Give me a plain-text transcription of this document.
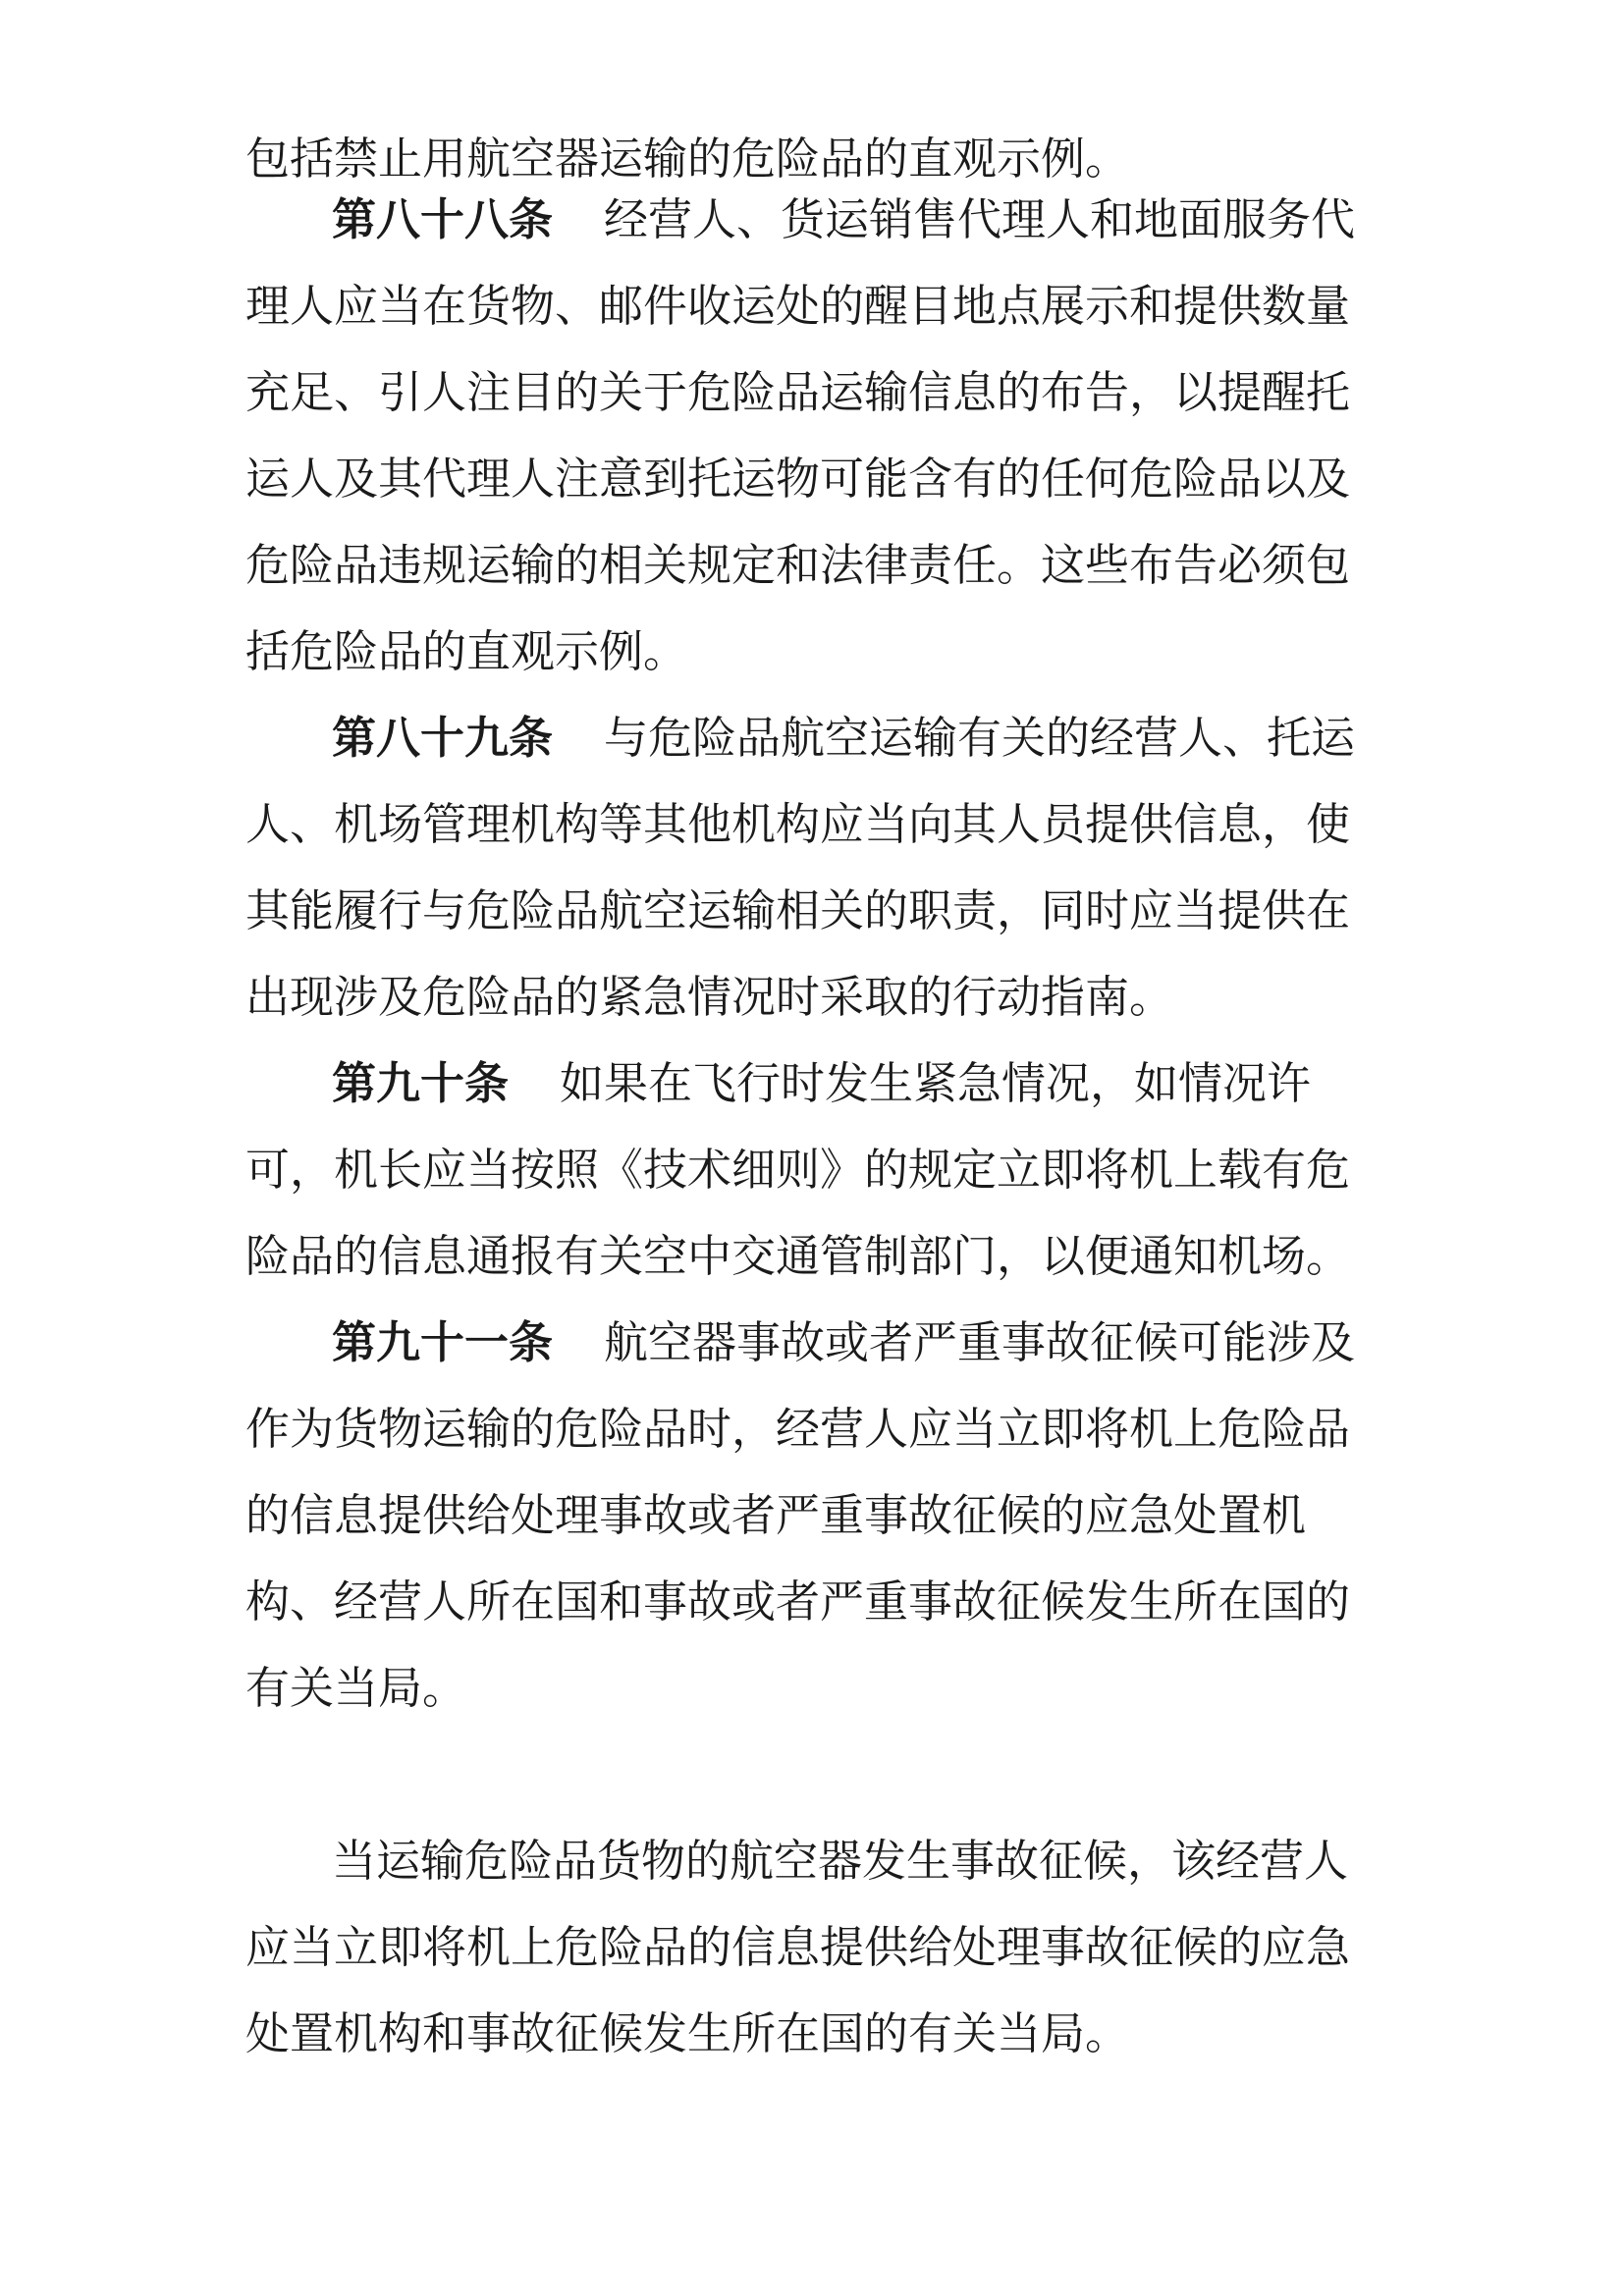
包括禁止用航空器运输的危险品的直观示例。

第八十八条 经营人、货运销售代理人和地面服务代

理人应当在货物、邮件收运处的醒目地点展示和提供数量

充足、引人注目的关于危险品运输信息的布告，以提醒托

运人及其代理人注意到托运物可能含有的任何危险品以及

危险品违规运输的相关规定和法律责任。这些布告必须包

括危险品的直观示例。

第八十九条 与危险品航空运输有关的经营人、托运

人、机场管理机构等其他机构应当向其人员提供信息，使

其能履行与危险品航空运输相关的职责，同时应当提供在

出现涉及危险品的紧急情况时采取的行动指南。

第九十条 如果在飞行时发生紧急情况，如情况许

可，机长应当按照《技术细则》的规定立即将机上载有危

险品的信息通报有关空中交通管制部门，以便通知机场。

第九十一条 航空器事故或者严重事故征候可能涉及

作为货物运输的危险品时，经营人应当立即将机上危险品

的信息提供给处理事故或者严重事故征候的应急处置机

构、经营人所在国和事故或者严重事故征候发生所在国的

有关当局。

当运输危险品货物的航空器发生事故征候，该经营人

应当立即将机上危险品的信息提供给处理事故征候的应急

处置机构和事故征候发生所在国的有关当局。
